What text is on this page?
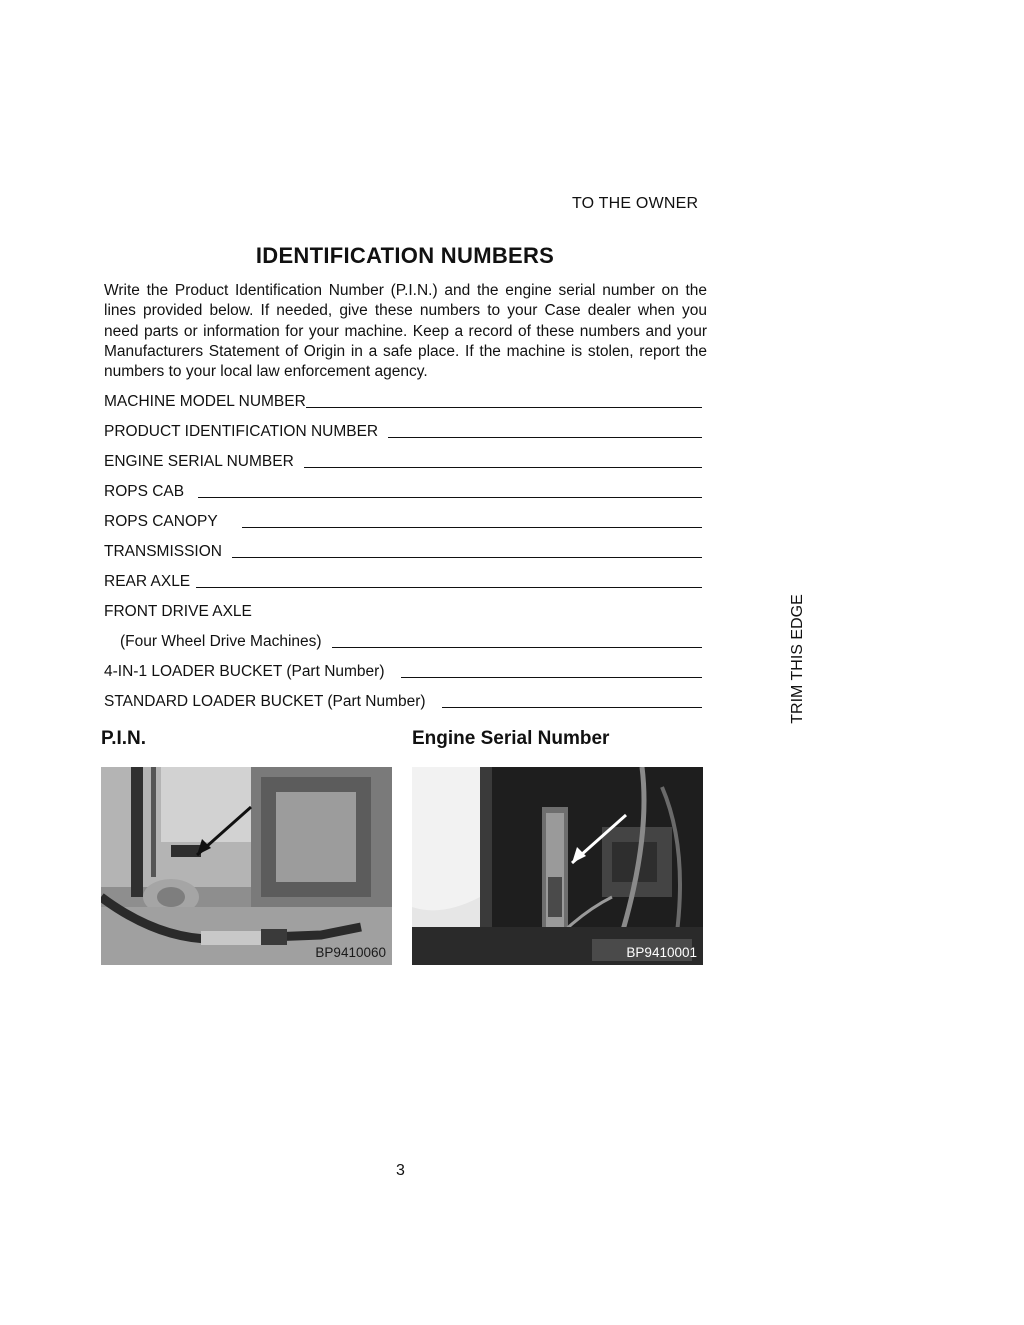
TO THE OWNER
IDENTIFICATION NUMBERS
Write the Product Identification Number (P.I.N.) and the engine serial number on the lines provided below. If needed, give these numbers to your Case dealer when you need parts or information for your machine. Keep a record of these numbers and your Manufacturers Statement of Origin in a safe place. If the machine is stolen, report the numbers to your local law enforcement agency.
MACHINE MODEL NUMBER
PRODUCT IDENTIFICATION NUMBER
ENGINE SERIAL NUMBER
ROPS CAB
ROPS CANOPY
TRANSMISSION
REAR AXLE
FRONT DRIVE AXLE
(Four Wheel Drive Machines)
4-IN-1 LOADER BUCKET (Part Number)
STANDARD LOADER BUCKET (Part Number)
P.I.N.	Engine Serial Number
BP9410060	BP9410001
TRIM THIS EDGE
3
